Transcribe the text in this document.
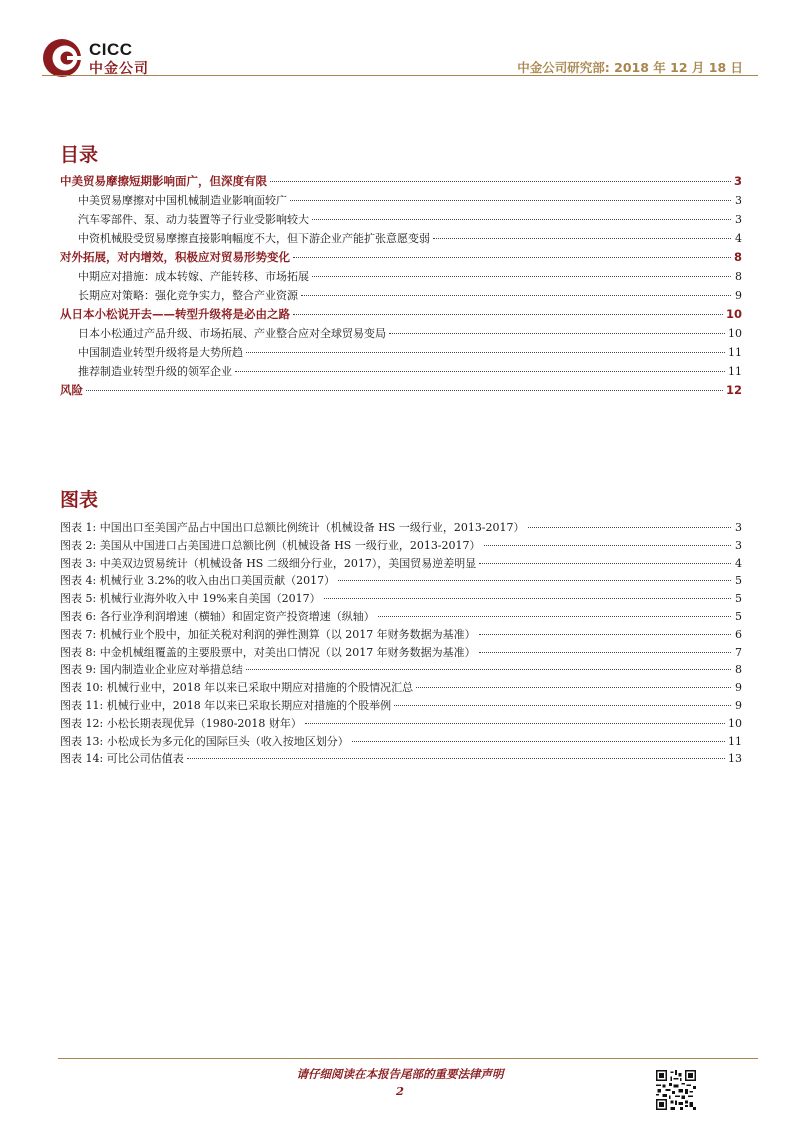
CICC
中金公司	中金公司研究部: 2018 年 12 月 18 日
目录
中美贸易摩擦短期影响面广，但深度有限	3
中美贸易摩擦对中国机械制造业影响面较广	3
汽车零部件、泵、动力装置等子行业受影响较大	3
中资机械股受贸易摩擦直接影响幅度不大，但下游企业产能扩张意愿变弱	4
对外拓展，对内增效，积极应对贸易形势变化	8
中期应对措施：成本转嫁、产能转移、市场拓展	8
长期应对策略：强化竞争实力，整合产业资源	9
从日本小松说开去——转型升级将是必由之路	10
日本小松通过产品升级、市场拓展、产业整合应对全球贸易变局	10
中国制造业转型升级将是大势所趋	11
推荐制造业转型升级的领军企业	11
风险	12
图表
图表 1: 中国出口至美国产品占中国出口总额比例统计（机械设备 HS 一级行业，2013-2017）	3
图表 2: 美国从中国进口占美国进口总额比例（机械设备 HS 一级行业，2013-2017）	3
图表 3: 中美双边贸易统计（机械设备 HS 二级细分行业，2017），美国贸易逆差明显	4
图表 4: 机械行业 3.2%的收入由出口美国贡献（2017）	5
图表 5: 机械行业海外收入中 19%来自美国（2017）	5
图表 6: 各行业净利润增速（横轴）和固定资产投资增速（纵轴）	5
图表 7: 机械行业个股中，加征关税对利润的弹性测算（以 2017 年财务数据为基准）	6
图表 8: 中金机械组覆盖的主要股票中，对美出口情况（以 2017 年财务数据为基准）	7
图表 9: 国内制造业企业应对举措总结	8
图表 10: 机械行业中，2018 年以来已采取中期应对措施的个股情况汇总	9
图表 11: 机械行业中，2018 年以来已采取长期应对措施的个股举例	9
图表 12: 小松长期表现优异（1980-2018 财年）	10
图表 13: 小松成长为多元化的国际巨头（收入按地区划分）	11
图表 14: 可比公司估值表	13
请仔细阅读在本报告尾部的重要法律声明
2
